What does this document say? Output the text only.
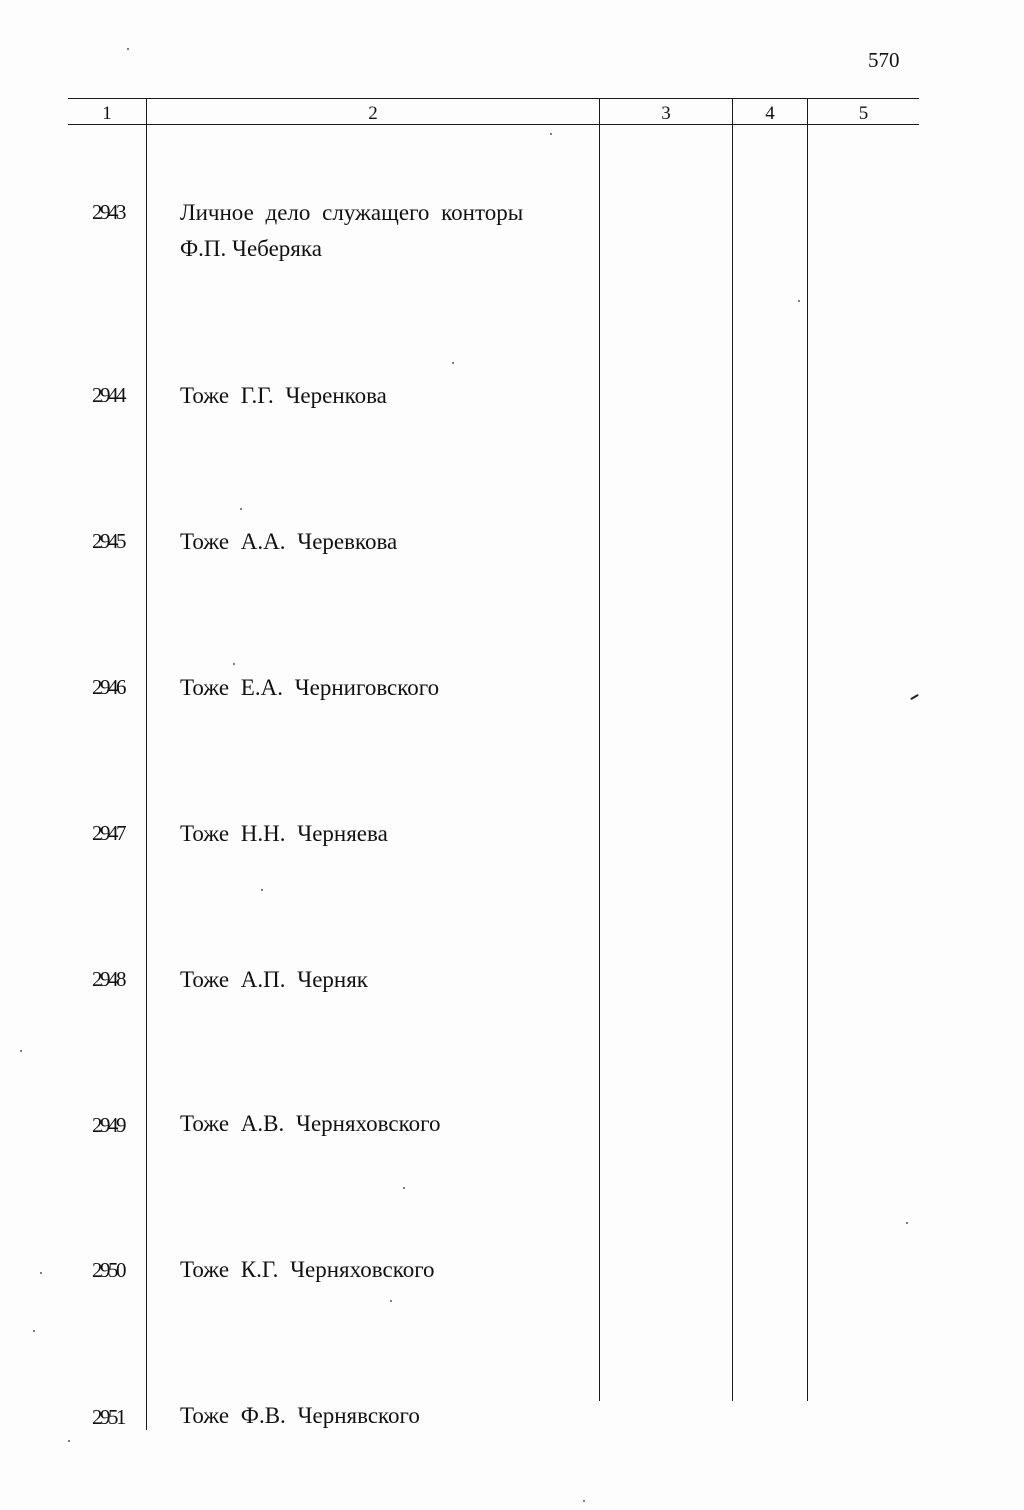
570
1	2	3	4	5
2943 Личное дело служащего конторы
Ф.П. Чеберяка
2944 Тоже Г.Г. Черенкова
2945 Тоже А.А. Черевкова
2946 Тоже Е.А. Черниговского
2947 Тоже Н.Н. Черняева
2948 Тоже А.П. Черняк
2949 Тоже А.В. Черняховского
2950 Тоже К.Г. Черняховского
2951 Тоже Ф.В. Чернявского
